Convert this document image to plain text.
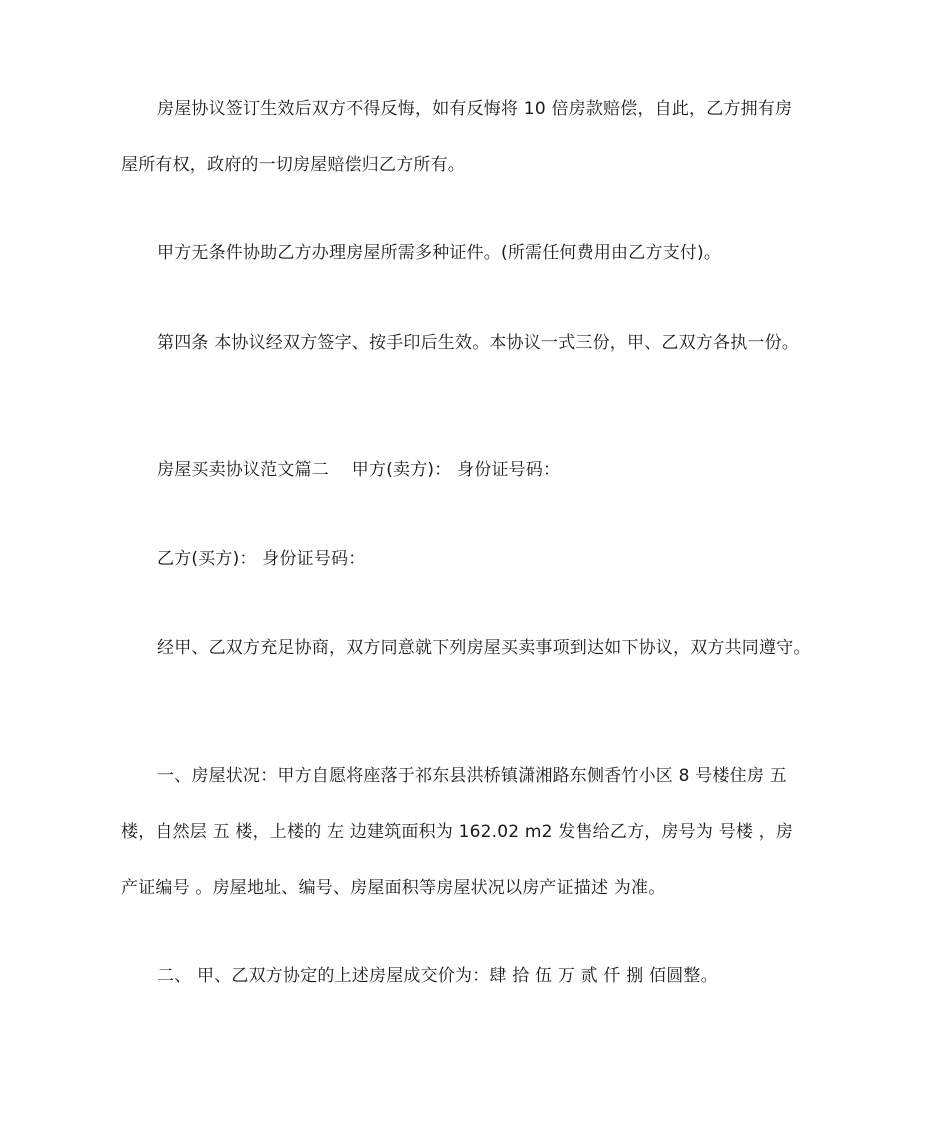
房屋协议签订生效后双方不得反悔，如有反悔将 10 倍房款赔偿，自此，乙方拥有房
屋所有权，政府的一切房屋赔偿归乙方所有。
甲方无条件协助乙方办理房屋所需多种证件。(所需任何费用由乙方支付)。
第四条 本协议经双方签字、按手印后生效。本协议一式三份，甲、乙双方各执一份。
房屋买卖协议范文篇二　 甲方(卖方)： 身份证号码：
乙方(买方)： 身份证号码：
经甲、乙双方充足协商，双方同意就下列房屋买卖事项到达如下协议，双方共同遵守。
一、房屋状况：甲方自愿将座落于祁东县洪桥镇潇湘路东侧香竹小区 8 号楼住房 五
楼，自然层 五 楼，上楼的 左 边建筑面积为 162.02 m2 发售给乙方，房号为 号楼 ，房
产证编号 。房屋地址、编号、房屋面积等房屋状况以房产证描述 为准。
二、 甲、乙双方协定的上述房屋成交价为：肆 拾 伍 万 贰 仟 捌 佰圆整。
